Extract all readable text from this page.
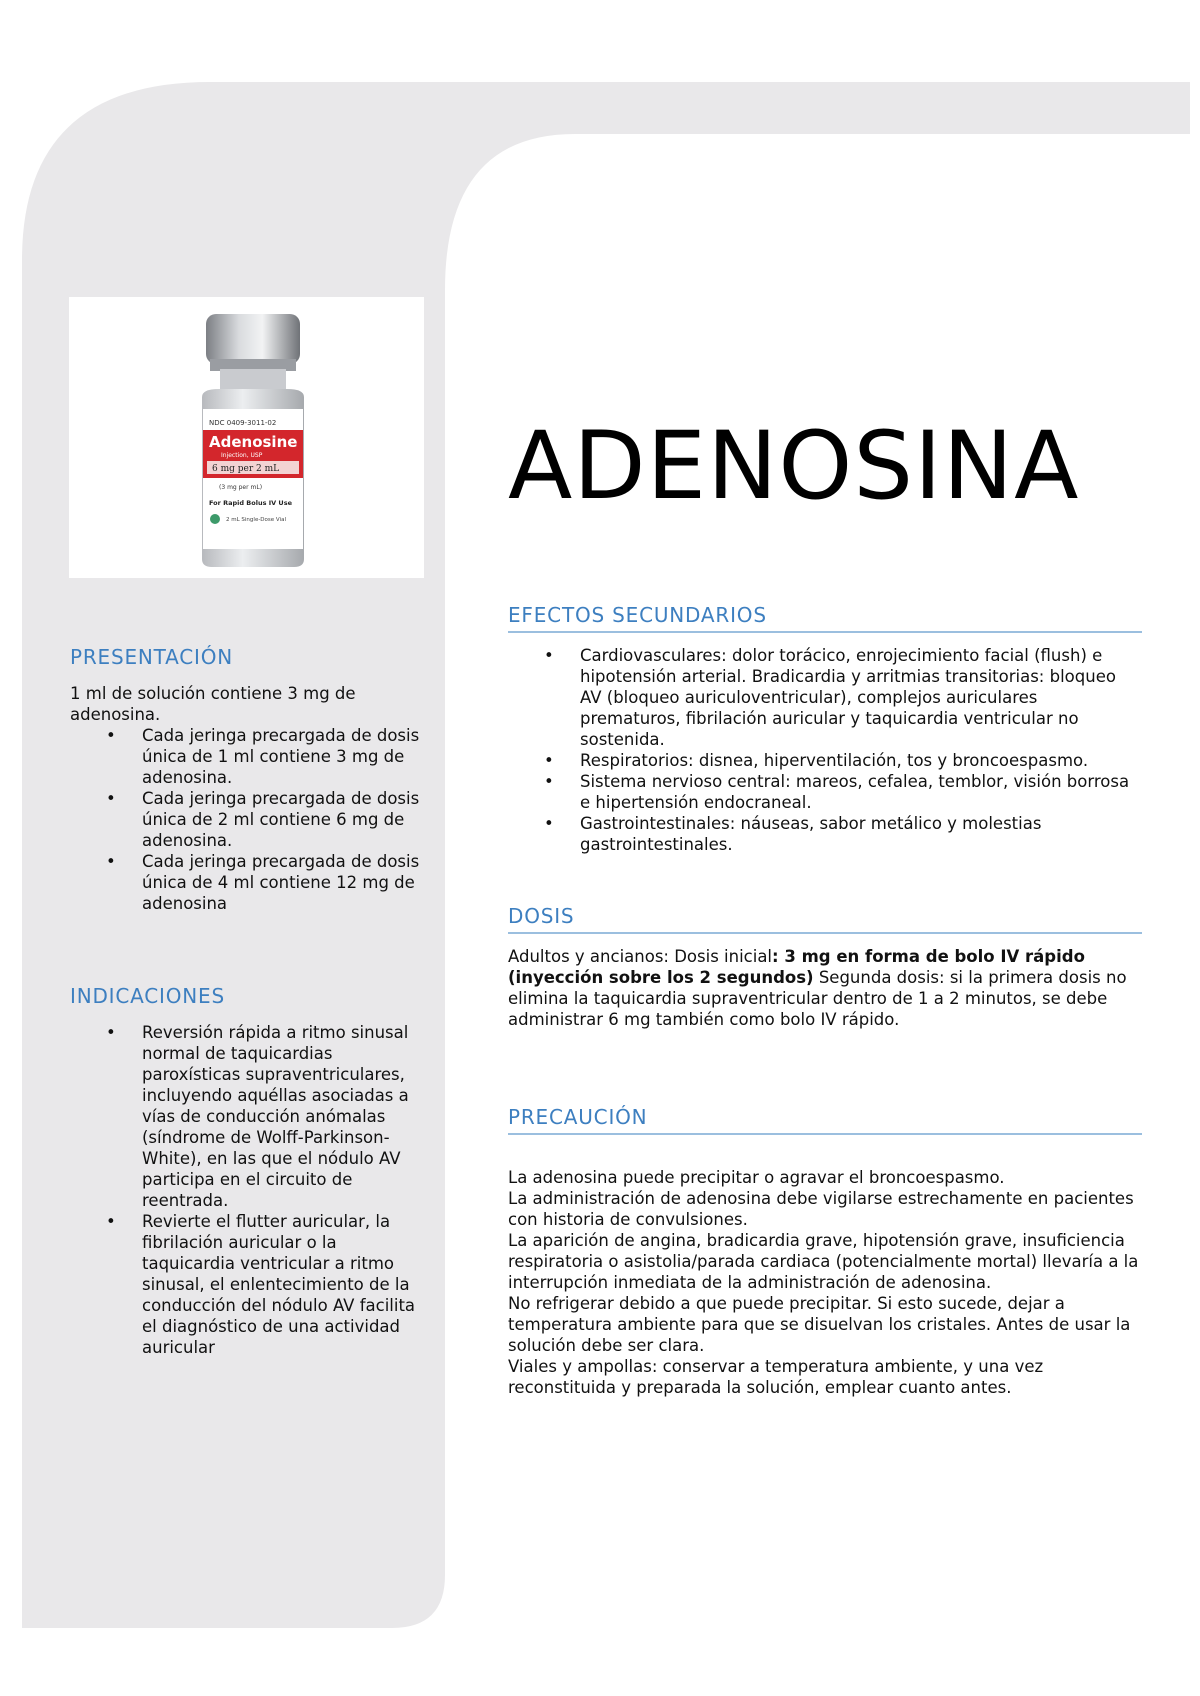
NDC 0409-3011-02
Adenosine
Injection, USP
6 mg per 2 mL
(3 mg per mL)
For Rapid Bolus IV Use
2 mL Single-Dose Vial ADENOSINA
PRESENTACIÓN

1 ml de solución contiene 3 mg de adenosina.

• Cada jeringa precargada de dosis única de 1 ml contiene 3 mg de adenosina.
• Cada jeringa precargada de dosis única de 2 ml contiene 6 mg de adenosina.
• Cada jeringa precargada de dosis única de 4 ml contiene 12 mg de adenosina
INDICACIONES
• Reversión rápida a ritmo sinusal normal de taquicardias paroxísticas supraventriculares, incluyendo aquéllas asociadas a vías de conducción anómalas (síndrome de Wolff-Parkinson-White), en las que el nódulo AV participa en el circuito de reentrada.
• Revierte el flutter auricular, la fibrilación auricular o la taquicardia ventricular a ritmo sinusal, el enlentecimiento de la conducción del nódulo AV facilita el diagnóstico de una actividad auricular
EFECTOS SECUNDARIOS
• Cardiovasculares: dolor torácico, enrojecimiento facial (flush) e hipotensión arterial. Bradicardia y arritmias transitorias: bloqueo AV (bloqueo auriculoventricular), complejos auriculares prematuros, fibrilación auricular y taquicardia ventricular no sostenida.
• Respiratorios: disnea, hiperventilación, tos y broncoespasmo.
• Sistema nervioso central: mareos, cefalea, temblor, visión borrosa e hipertensión endocraneal.
• Gastrointestinales: náuseas, sabor metálico y molestias gastrointestinales.
DOSIS

Adultos y ancianos: Dosis inicial: 3 mg en forma de bolo IV rápido (inyección sobre los 2 segundos) Segunda dosis: si la primera dosis no elimina la taquicardia supraventricular dentro de 1 a 2 minutos, se debe administrar 6 mg también como bolo IV rápido.

PRECAUCIÓN

La adenosina puede precipitar o agravar el broncoespasmo.

La administración de adenosina debe vigilarse estrechamente en pacientes con historia de convulsiones.

La aparición de angina, bradicardia grave, hipotensión grave, insuficiencia respiratoria o asistolia/parada cardiaca (potencialmente mortal) llevaría a la interrupción inmediata de la administración de adenosina.

No refrigerar debido a que puede precipitar. Si esto sucede, dejar a temperatura ambiente para que se disuelvan los cristales. Antes de usar la solución debe ser clara.

Viales y ampollas: conservar a temperatura ambiente, y una vez reconstituida y preparada la solución, emplear cuanto antes.
